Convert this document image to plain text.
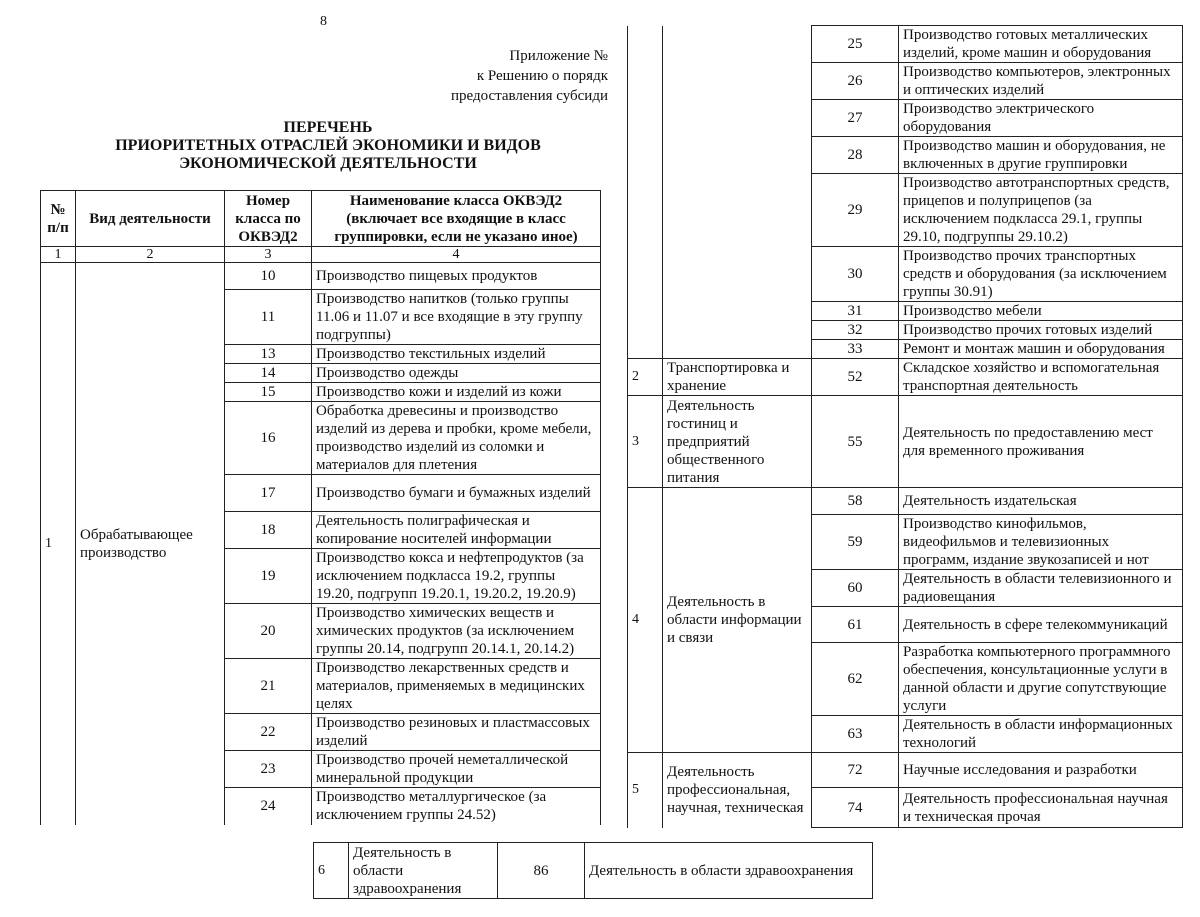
8
Приложение №
к Решению о порядк
предоставления субсиди
ПЕРЕЧЕНЬ
ПРИОРИТЕТНЫХ ОТРАСЛЕЙ ЭКОНОМИКИ И ВИДОВ
ЭКОНОМИЧЕСКОЙ ДЕЯТЕЛЬНОСТИ
№ п/п	Вид деятельности	Номер класса по ОКВЭД2	Наименование класса ОКВЭД2 (включает все входящие в класс группировки, если не указано иное)
1	2	3	4
1	Обрабатывающее производство	10	Производство пищевых продуктов
		11	Производство напитков (только группы 11.06 и 11.07 и все входящие в эту группу подгруппы)
		13	Производство текстильных изделий
		14	Производство одежды
		15	Производство кожи и изделий из кожи
		16	Обработка древесины и производство изделий из дерева и пробки, кроме мебели, производство изделий из соломки и материалов для плетения
		17	Производство бумаги и бумажных изделий
		18	Деятельность полиграфическая и копирование носителей информации
		19	Производство кокса и нефтепродуктов (за исключением подкласса 19.2, группы 19.20, подгрупп 19.20.1, 19.20.2, 19.20.9)
		20	Производство химических веществ и химических продуктов (за исключением группы 20.14, подгрупп 20.14.1, 20.14.2)
		21	Производство лекарственных средств и материалов, применяемых в медицинских целях
		22	Производство резиновых и пластмассовых изделий
		23	Производство прочей неметаллической минеральной продукции
		24	Производство металлургическое (за исключением группы 24.52)
		25	Производство готовых металлических изделий, кроме машин и оборудования
		26	Производство компьютеров, электронных и оптических изделий
		27	Производство электрического оборудования
		28	Производство машин и оборудования, не включенных в другие группировки
		29	Производство автотранспортных средств, прицепов и полуприцепов (за исключением подкласса 29.1, группы 29.10, подгруппы 29.10.2)
		30	Производство прочих транспортных средств и оборудования (за исключением группы 30.91)
		31	Производство мебели
		32	Производство прочих готовых изделий
		33	Ремонт и монтаж машин и оборудования
2	Транспортировка и хранение	52	Складское хозяйство и вспомогательная транспортная деятельность
3	Деятельность гостиниц и предприятий общественного питания	55	Деятельность по предоставлению мест для временного проживания
4	Деятельность в области информации и связи	58	Деятельность издательская
		59	Производство кинофильмов, видеофильмов и телевизионных программ, издание звукозаписей и нот
		60	Деятельность в области телевизионного и радиовещания
		61	Деятельность в сфере телекоммуникаций
		62	Разработка компьютерного программного обеспечения, консультационные услуги в данной области и другие сопутствующие услуги
		63	Деятельность в области информационных технологий
5	Деятельность профессиональная, научная, техническая	72	Научные исследования и разработки
		74	Деятельность профессиональная научная и техническая прочая
6	Деятельность в области здравоохранения	86	Деятельность в области здравоохранения
